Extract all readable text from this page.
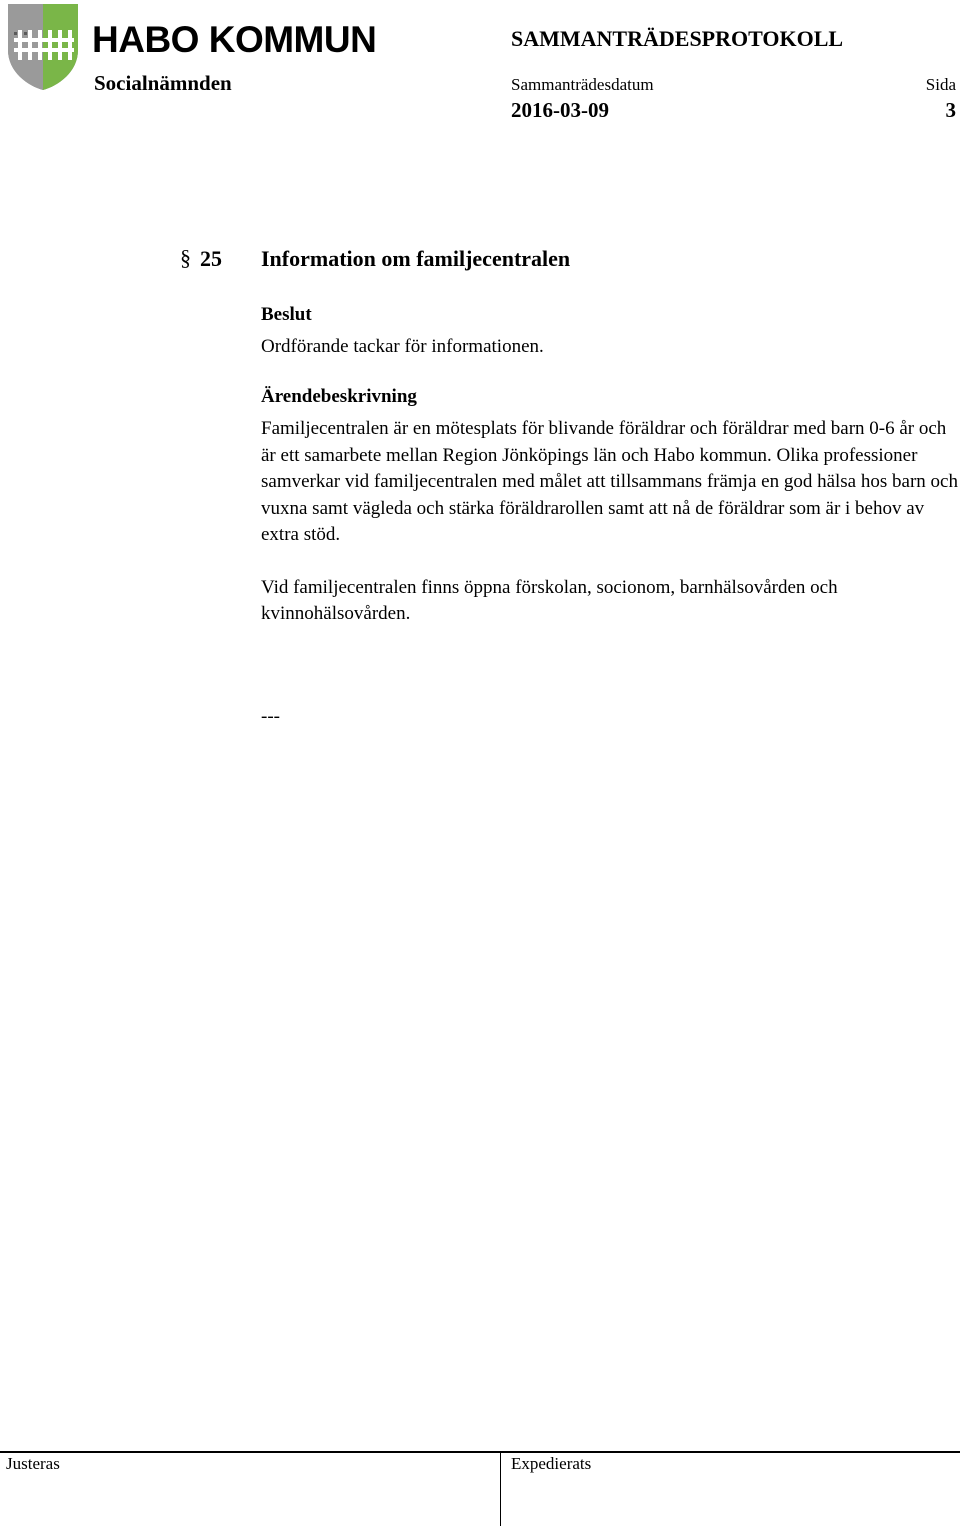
HABO KOMMUN
Socialnämnden
SAMMANTRÄDESPROTOKOLL
Sammanträdesdatum	Sida
2016-03-09	3
§ 25 Information om familjecentralen

Beslut

Ordförande tackar för informationen.

Ärendebeskrivning

Familjecentralen är en mötesplats för blivande föräldrar och föräldrar med barn 0-6 år och är ett samarbete mellan Region Jönköpings län och Habo kommun. Olika professioner samverkar vid familjecentralen med målet att tillsammans främja en god hälsa hos barn och vuxna samt vägleda och stärka föräldrarollen samt att nå de föräldrar som är i behov av extra stöd.

Vid familjecentralen finns öppna förskolan, socionom, barnhälsovården och kvinnohälsovården.

---
Justeras	Expedierats
